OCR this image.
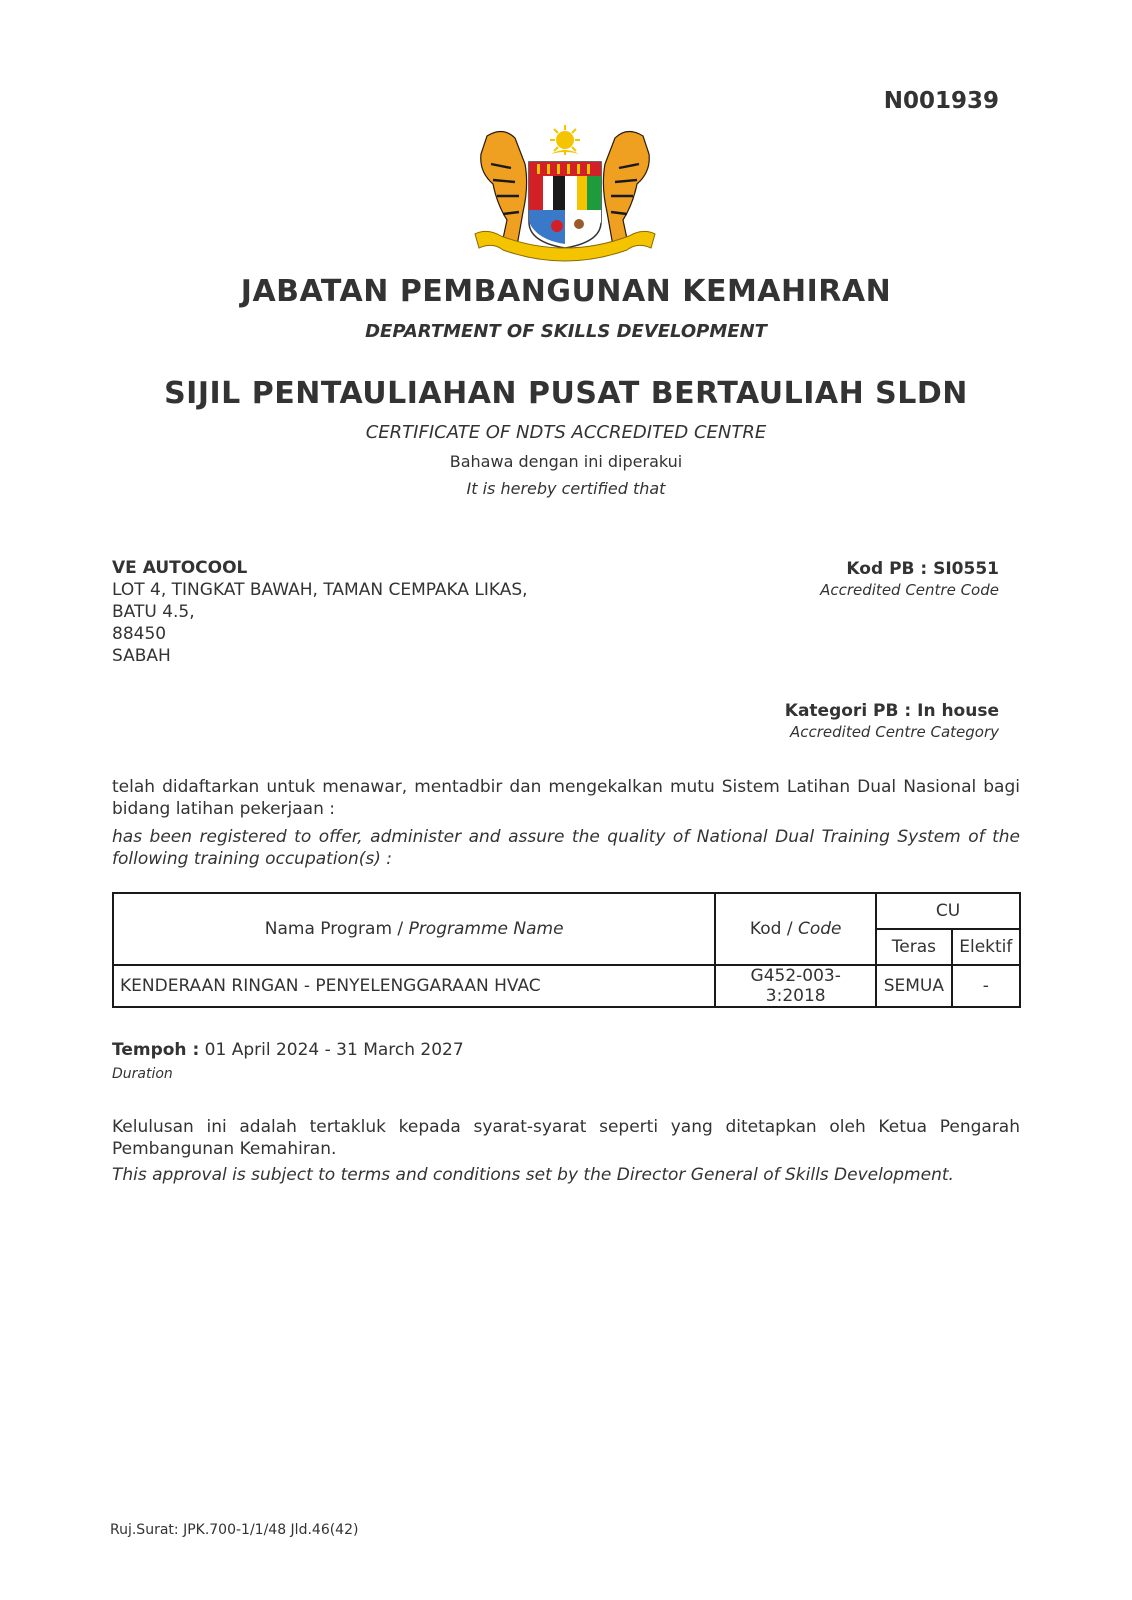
N001939
JABATAN PEMBANGUNAN KEMAHIRAN
DEPARTMENT OF SKILLS DEVELOPMENT
SIJIL PENTAULIAHAN PUSAT BERTAULIAH SLDN
CERTIFICATE OF NDTS ACCREDITED CENTRE
Bahawa dengan ini diperakui
It is hereby certified that
VE AUTOCOOL
LOT 4, TINGKAT BAWAH, TAMAN CEMPAKA LIKAS,
BATU 4.5,
88450
SABAH
Kod PB : SI0551
Accredited Centre Code
Kategori PB : In house
Accredited Centre Category
telah didaftarkan untuk menawar, mentadbir dan mengekalkan mutu Sistem Latihan Dual Nasional bagi bidang latihan pekerjaan :
has been registered to offer, administer and assure the quality of National Dual Training System of the following training occupation(s) :
Nama Program / Programme Name	Kod / Code	CU	
		Teras	Elektif
KENDERAAN RINGAN - PENYELENGGARAAN HVAC	G452-003-3:2018	SEMUA	-
Tempoh : 01 April 2024 - 31 March 2027
Duration
Kelulusan ini adalah tertakluk kepada syarat-syarat seperti yang ditetapkan oleh Ketua Pengarah Pembangunan Kemahiran.
This approval is subject to terms and conditions set by the Director General of Skills Development.
Ruj.Surat: JPK.700-1/1/48 Jld.46(42)
